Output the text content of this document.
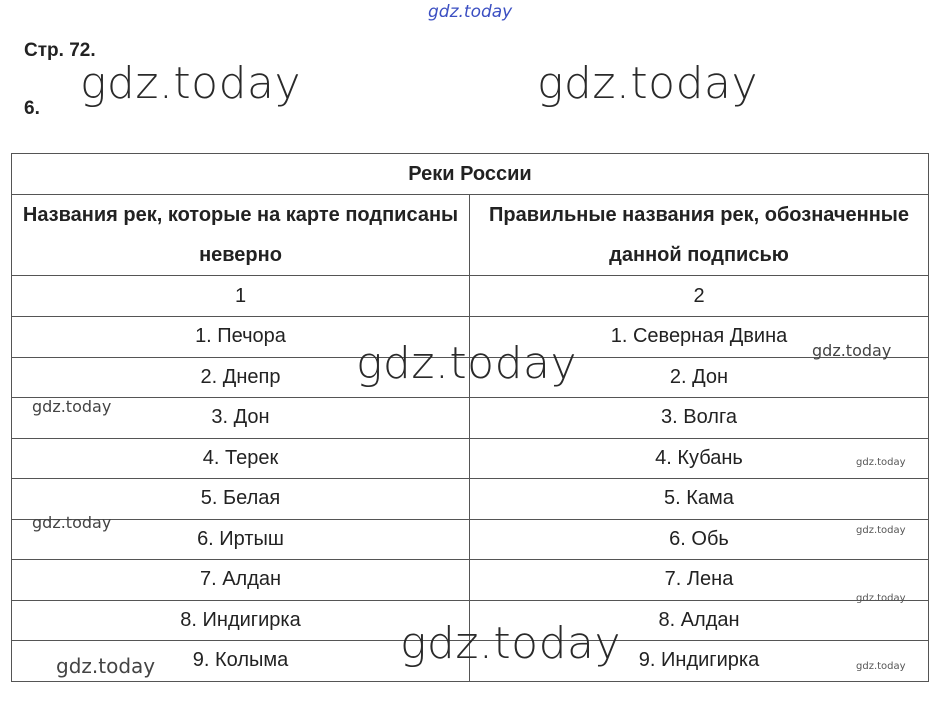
Стр. 72.
6.
Реки России	
Названия рек, которые на карте подписаны неверно	Правильные названия рек, обозначенные данной подписью
1	2
1. Печора	1. Северная Двина
2. Днепр	2. Дон
3. Дон	3. Волга
4. Терек	4. Кубань
5. Белая	5. Кама
6. Иртыш	6. Обь
7. Алдан	7. Лена
8. Индигирка	8. Алдан
9. Колыма	9. Индигирка
gdz.today
gdz.today	gdz.today
gdz.today
gdz.today
gdz.today
gdz.today
gdz.today
gdz.today
gdz.today
gdz.today
gdz.today
gdz.today
